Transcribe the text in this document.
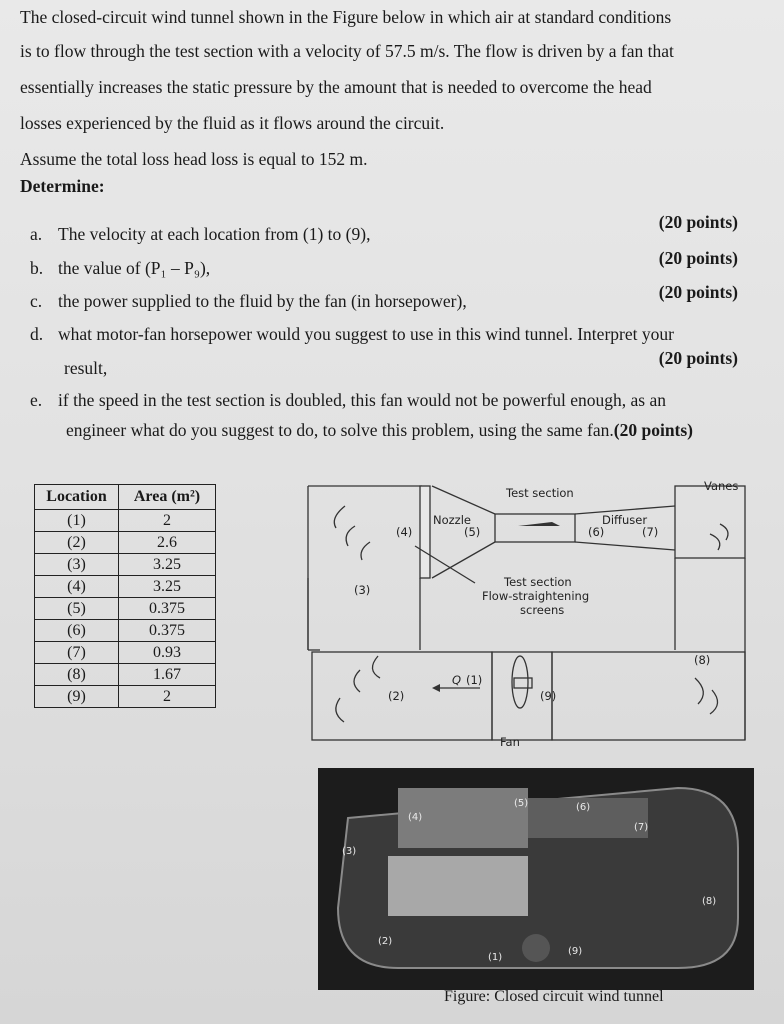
The closed-circuit wind tunnel shown in the Figure below in which air at standard conditions

is to flow through the test section with a velocity of 57.5 m/s. The flow is driven by a fan that

essentially increases the static pressure by the amount that is needed to overcome the head

losses experienced by the fluid as it flows around the circuit.

Assume the total loss head loss is equal to 152 m.

Determine:
a. The velocity at each location from (1) to (9),
(20 points)
b. the value of (P₁ – P₉),	(20 points)
c. the power supplied to the fluid by the fan (in horsepower),	(20 points)
d. what motor-fan horsepower would you suggest to use in this wind tunnel. Interpret your
result,	(20 points)
e. if the speed in the test section is doubled, this fan would not be powerful enough, as an
engineer what do you suggest to do, to solve this problem, using the same fan.(20 points)
Location	Area (m²)
(1)	2
(2)	2.6
(3)	3.25
(4)	3.25
(5)	0.375
(6)	0.375
(7)	0.93
(8)	1.67
(9)	2
Test section	Vanes
Nozzle	Diffuser
Test section
Flow-straightening
screens
Fan
Q (1)
(2)
(3)
(4)	(5)	(6)	(7)
(8)
(9)
(1)
(2)
(3)
(4)
(5)	(6)
(7)
(8)
(9)
Figure: Closed circuit wind tunnel
